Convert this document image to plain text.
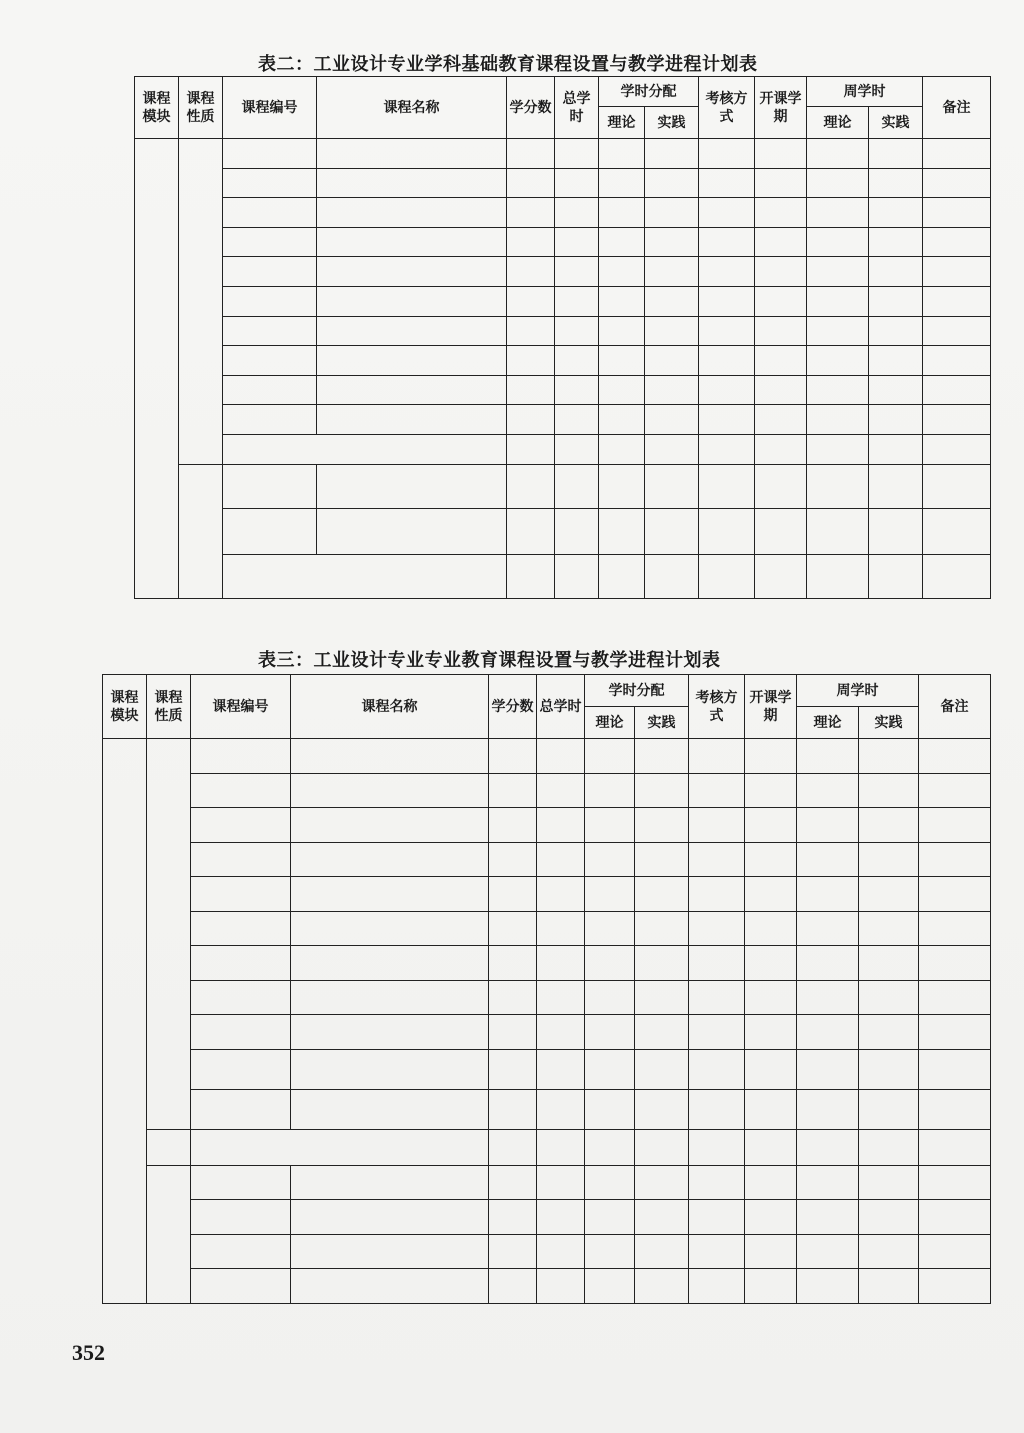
表二：工业设计专业学科基础教育课程设置与教学进程计划表
课程模块	课程性质	课程编号	课程名称	学分数	总学时	学时分配		考核方式	开课学期	周学时		备注
						理论	实践			理论	实践	

表三：工业设计专业专业教育课程设置与教学进程计划表
课程模块	课程性质	课程编号	课程名称	学分数	总学时	学时分配		考核方式	开课学期	周学时		备注
						理论	实践			理论	实践	

352
